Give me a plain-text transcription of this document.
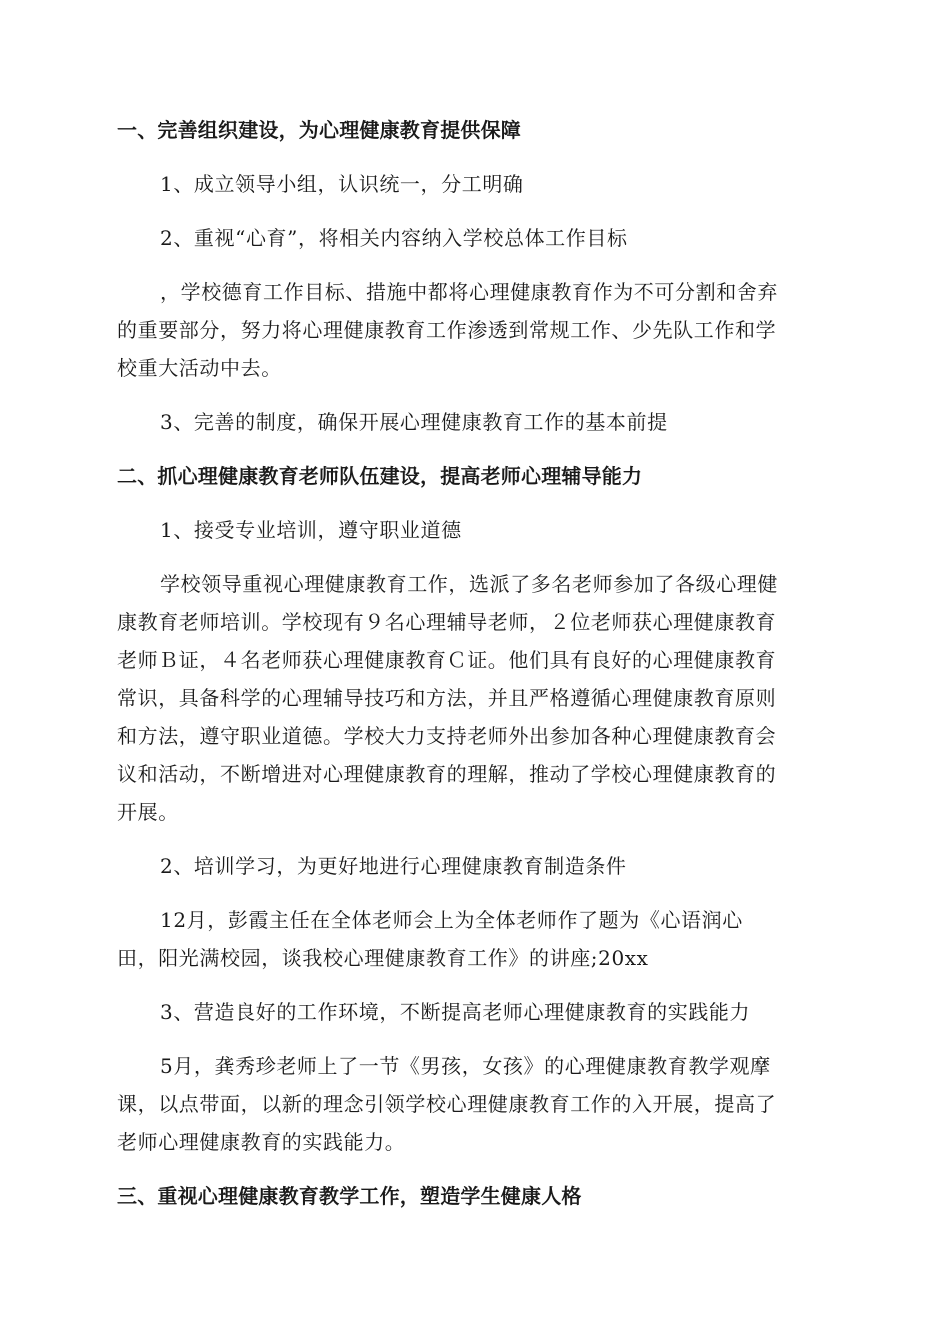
一、完善组织建设，为心理健康教育提供保障
1、成立领导小组，认识统一，分工明确
2、重视“心育”，将相关内容纳入学校总体工作目标
，学校德育工作目标、措施中都将心理健康教育作为不可分割和舍弃
的重要部分，努力将心理健康教育工作渗透到常规工作、少先队工作和学
校重大活动中去。
3、完善的制度，确保开展心理健康教育工作的基本前提
二、抓心理健康教育老师队伍建设，提高老师心理辅导能力
1、接受专业培训，遵守职业道德
学校领导重视心理健康教育工作，选派了多名老师参加了各级心理健
康教育老师培训。学校现有９名心理辅导老师，２位老师获心理健康教育
老师Ｂ证，４名老师获心理健康教育Ｃ证。他们具有良好的心理健康教育
常识，具备科学的心理辅导技巧和方法，并且严格遵循心理健康教育原则
和方法，遵守职业道德。学校大力支持老师外出参加各种心理健康教育会
议和活动，不断增进对心理健康教育的理解，推动了学校心理健康教育的
开展。
2、培训学习，为更好地进行心理健康教育制造条件
12月，彭霞主任在全体老师会上为全体老师作了题为《心语润心
田，阳光满校园，谈我校心理健康教育工作》的讲座;20xx
3、营造良好的工作环境，不断提高老师心理健康教育的实践能力
5月，龚秀珍老师上了一节《男孩，女孩》的心理健康教育教学观摩
课，以点带面，以新的理念引领学校心理健康教育工作的入开展，提高了
老师心理健康教育的实践能力。
三、重视心理健康教育教学工作，塑造学生健康人格
